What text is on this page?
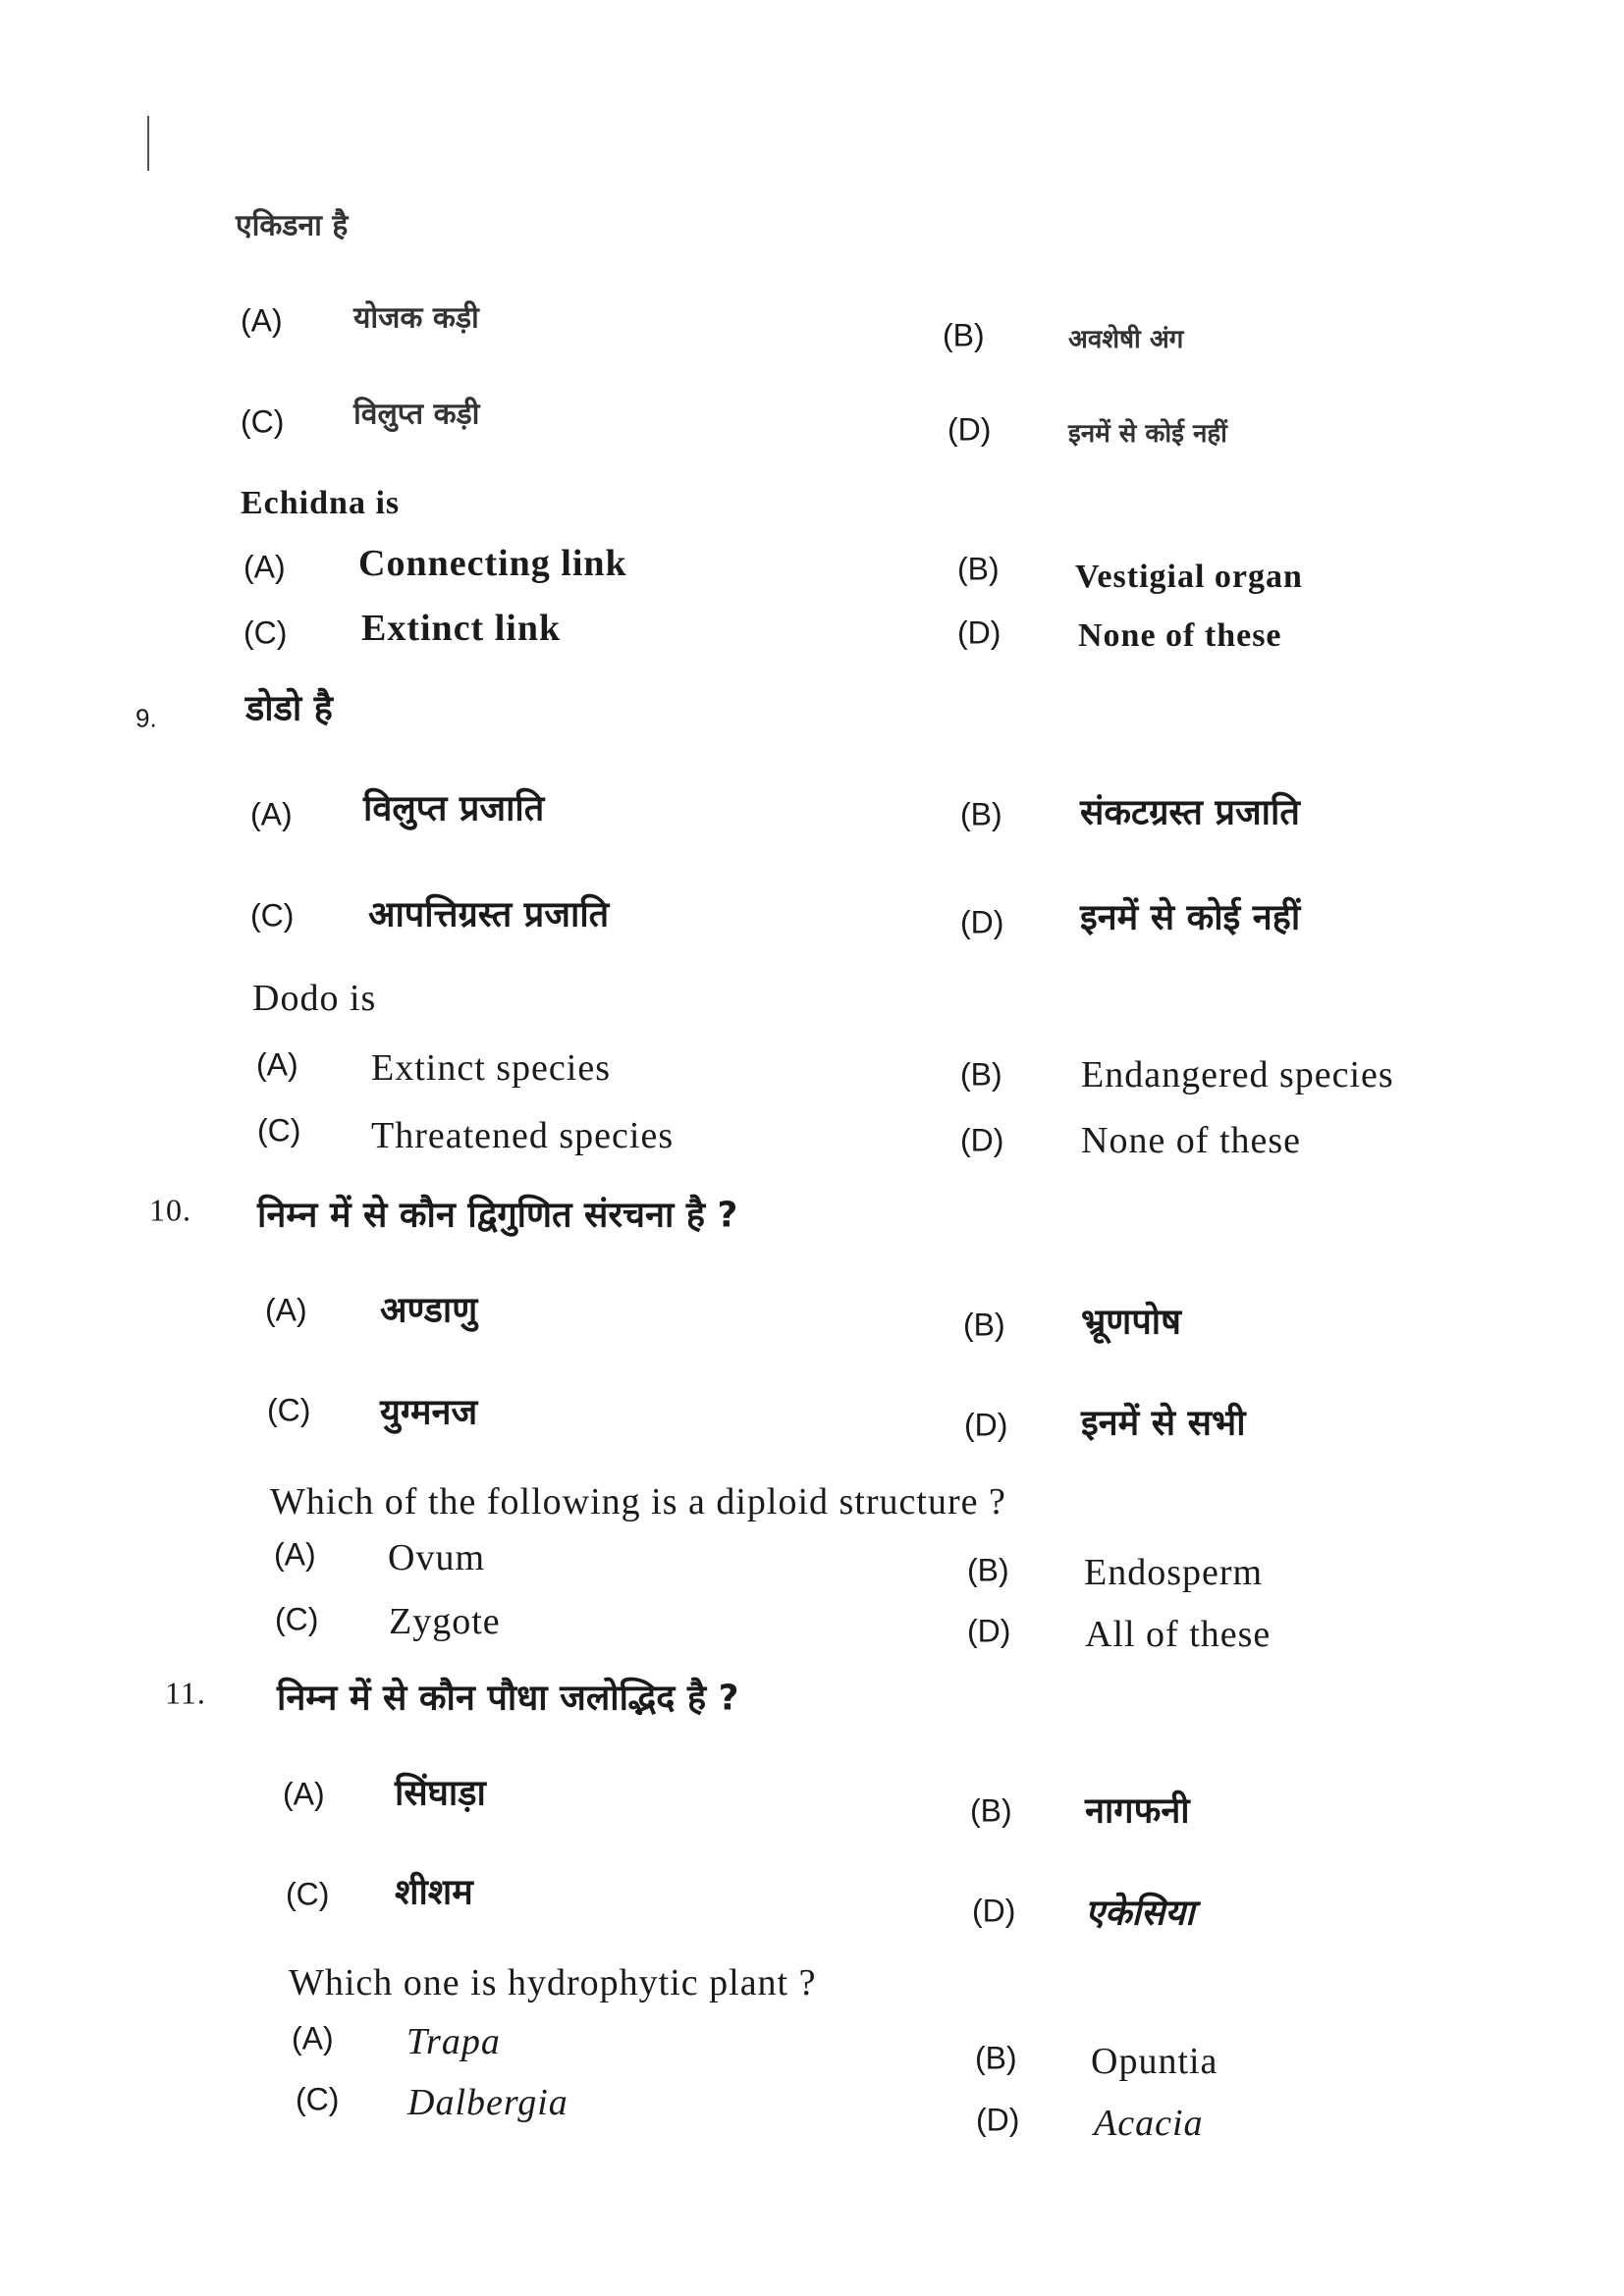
एकिडना है
(A) योजक कड़ी	(B)	अवशेषी अंग
(C) विलुप्त कड़ी	(D)	इनमें से कोई नहीं
Echidna is
(A) Connecting link	(B) Vestigial organ
(C) Extinct link	(D) None of these
9.	डोडो है
(A) विलुप्त प्रजाति	(B) संकटग्रस्त प्रजाति
(C) आपत्तिग्रस्त प्रजाति	(D) इनमें से कोई नहीं
Dodo is
(A) Extinct species	(B) Endangered species
(C) Threatened species	(D) None of these
10. निम्न में से कौन द्विगुणित संरचना है ?
(A) अण्डाणु	(B) भ्रूणपोष
(C) युग्मनज	(D) इनमें से सभी
Which of the following is a diploid structure ?
(A) Ovum	(B) Endosperm
(C) Zygote	(D) All of these
11. निम्न में से कौन पौधा जलोद्भिद है ?
(A) सिंघाड़ा	(B) नागफनी
(C) शीशम	(D) एकेसिया
Which one is hydrophytic plant ?
(A) Trapa	(B) Opuntia
(C) Dalbergia	(D) Acacia
